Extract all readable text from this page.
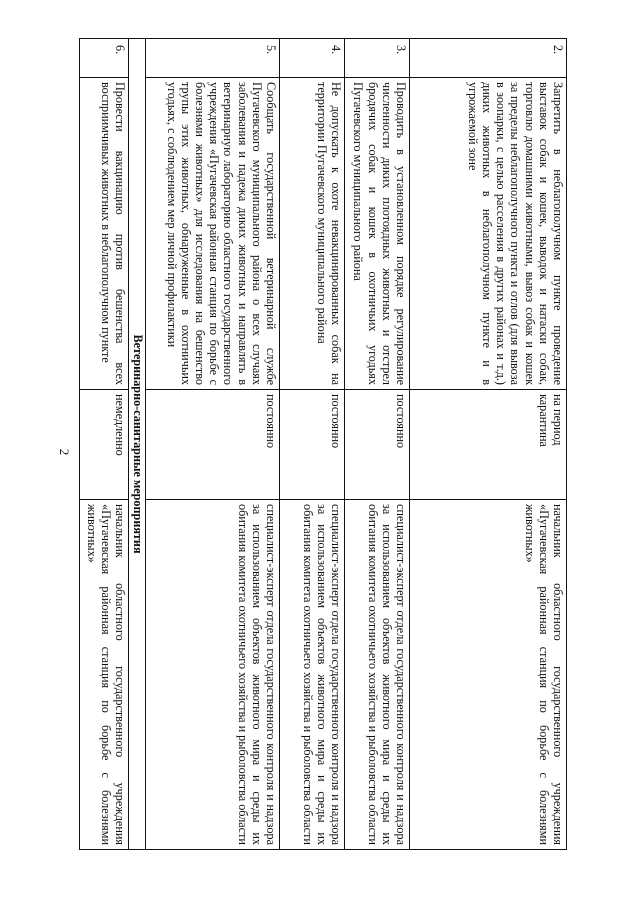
2
2.	Запретить в неблагополучном пункте проведение выставок собак и кошек, выводок и натаски собак, торговлю домашними животными, вывоз собак и кошек за пределы неблагополучного пункта и отлов (для вывоза в зоопарки, с целью расселения в других районах и т.д.) диких животных в неблагополучном пункте и в угрожаемой зоне	на период карантина	начальник областного государственного учреждения «Пугачевская районная станция по борьбе с болезнями животных»
3.	Проводить в установленном порядке регулирование численности диких плотоядных животных и отстрел бродячих собак и кошек в охотничьих угодьях Пугачевского муниципального района	постоянно	специалист-эксперт отдела государственного контроля и надзора за использованием объектов животного мира и среды их обитания комитета охотничьего хозяйства и рыболовства области
4.	Не допускать к охоте невакцинированных собак на территории Пугачевского муниципального района	постоянно	специалист-эксперт отдела государственного контроля и надзора за использованием объектов животного мира и среды их обитания комитета охотничьего хозяйства и рыболовства области
5.	Сообщать государственной ветеринарной службе Пугачевского муниципального района о всех случаях заболевания и падежа диких животных и направлять в ветеринарную лабораторию областного государственного учреждения «Пугачевская районная станция по борьбе с болезнями животных» для исследования на бешенство трупы этих животных, обнаруженные в охотничьих угодьях, с соблюдением мер личной профилактики	постоянно	специалист-эксперт отдела государственного контроля и надзора за использованием объектов животного мира и среды их обитания комитета охотничьего хозяйства и рыболовства области
Ветеринарно-санитарные мероприятия			
6.	Провести вакцинацию против бешенства всех восприимчивых животных в неблагополучном пункте	немедленно	начальник областного государственного учреждения «Пугачевская районная станция по борьбе с болезнями животных»
